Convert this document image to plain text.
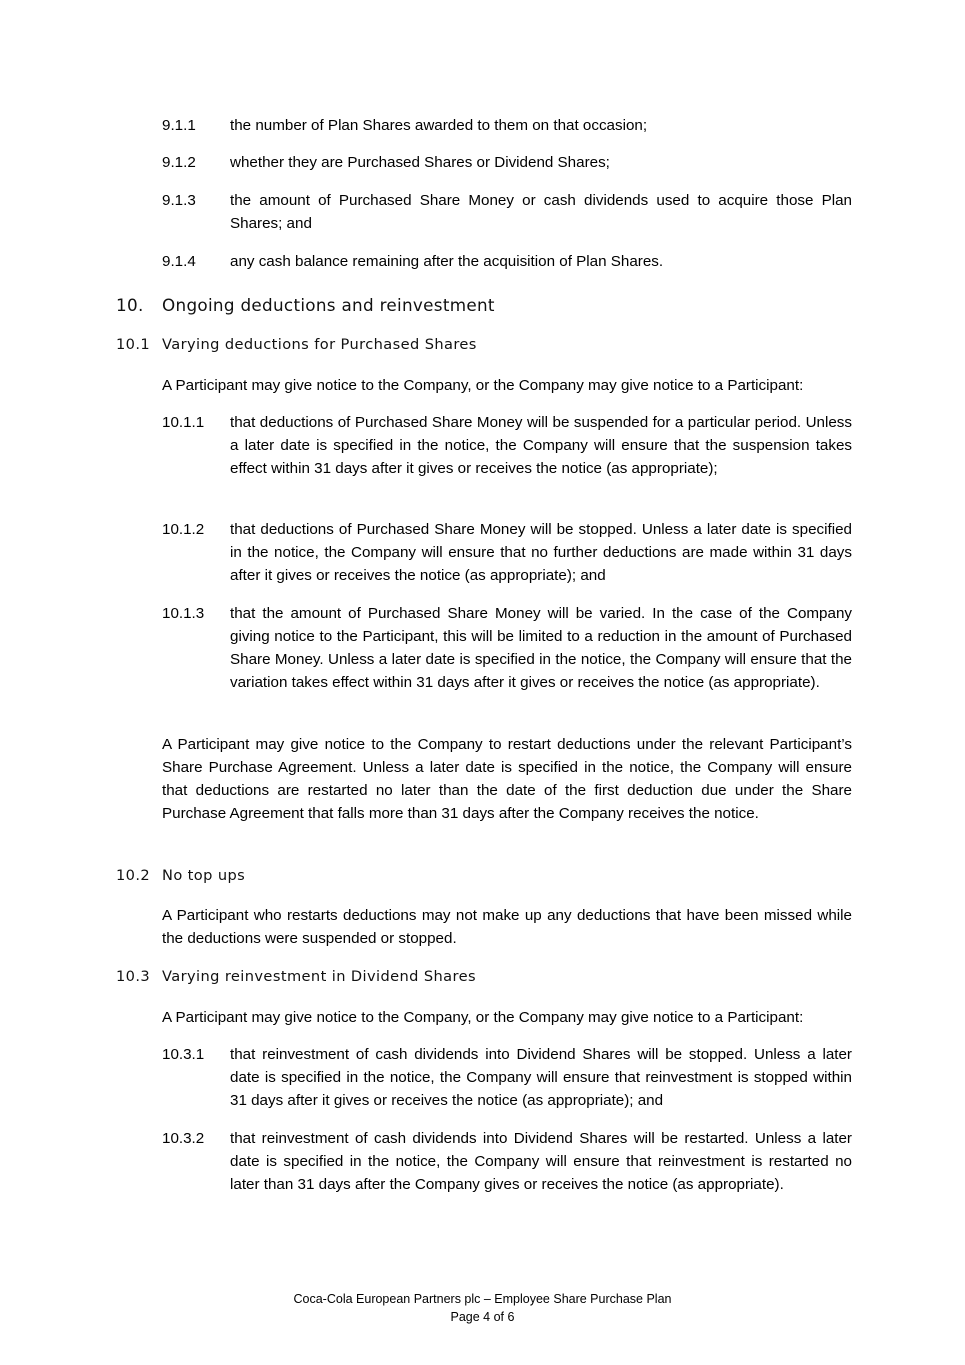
9.1.1	the number of Plan Shares awarded to them on that occasion;
9.1.2	whether they are Purchased Shares or Dividend Shares;
9.1.3	the amount of Purchased Share Money or cash dividends used to acquire those Plan Shares; and
9.1.4	any cash balance remaining after the acquisition of Plan Shares.
10.	Ongoing deductions and reinvestment
10.1 Varying deductions for Purchased Shares
A Participant may give notice to the Company, or the Company may give notice to a Participant:
10.1.1	that deductions of Purchased Share Money will be suspended for a particular period. Unless a later date is specified in the notice, the Company will ensure that the suspension takes effect within 31 days after it gives or receives the notice (as appropriate);
10.1.2	that deductions of Purchased Share Money will be stopped. Unless a later date is specified in the notice, the Company will ensure that no further deductions are made within 31 days after it gives or receives the notice (as appropriate); and
10.1.3	that the amount of Purchased Share Money will be varied. In the case of the Company giving notice to the Participant, this will be limited to a reduction in the amount of Purchased Share Money. Unless a later date is specified in the notice, the Company will ensure that the variation takes effect within 31 days after it gives or receives the notice (as appropriate).
A Participant may give notice to the Company to restart deductions under the relevant Participant’s Share Purchase Agreement. Unless a later date is specified in the notice, the Company will ensure that deductions are restarted no later than the date of the first deduction due under the Share Purchase Agreement that falls more than 31 days after the Company receives the notice.
10.2 No top ups
A Participant who restarts deductions may not make up any deductions that have been missed while the deductions were suspended or stopped.
10.3 Varying reinvestment in Dividend Shares
A Participant may give notice to the Company, or the Company may give notice to a Participant:
10.3.1	that reinvestment of cash dividends into Dividend Shares will be stopped. Unless a later date is specified in the notice, the Company will ensure that reinvestment is stopped within 31 days after it gives or receives the notice (as appropriate); and
10.3.2	that reinvestment of cash dividends into Dividend Shares will be restarted. Unless a later date is specified in the notice, the Company will ensure that reinvestment is restarted no later than 31 days after the Company gives or receives the notice (as appropriate).
Coca-Cola European Partners plc – Employee Share Purchase Plan
Page 4 of 6
